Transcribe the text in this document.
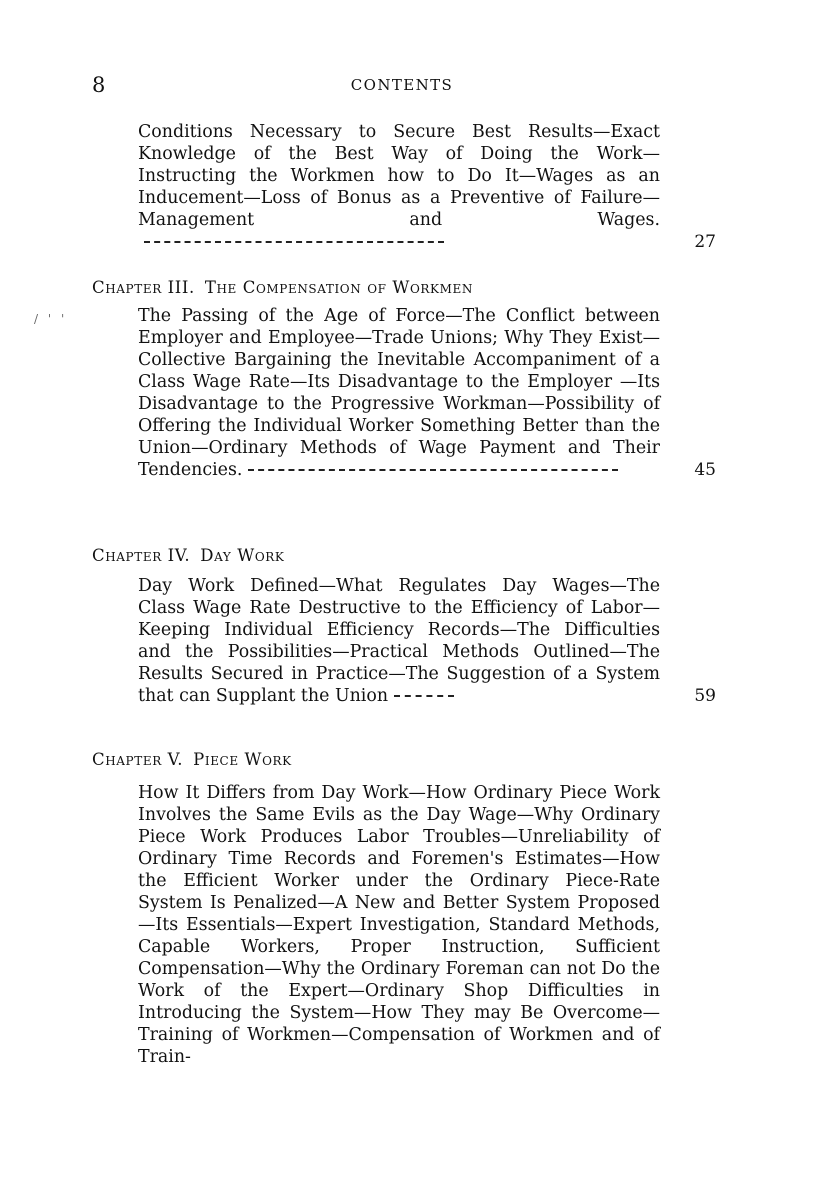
8	CONTENTS
/ ' '
Conditions Necessary to Secure Best Results—Exact Knowledge of the Best Way of Doing the Work—Instructing the Workmen how to Do It—Wages as an Inducement—Loss of Bonus as a Preventive of Failure—Management and Wages.
27
Chapter III. The Compensation of Workmen
The Passing of the Age of Force—The Conflict between Employer and Employee—Trade Unions; Why They Exist—Collective Bargaining the Inevitable Accompaniment of a Class Wage Rate—Its Disadvantage to the Employer —Its Disadvantage to the Progressive Workman—Possibility of Offering the Individual Worker Something Better than the Union—Ordinary Methods of Wage Payment and Their Tendencies.	45
Chapter IV. Day Work
Day Work Defined—What Regulates Day Wages—The Class Wage Rate Destructive to the Efficiency of Labor—Keeping Individual Efficiency Records—The Difficulties and the Possibilities—Practical Methods Outlined—The Results Secured in Practice—The Suggestion of a System that can Supplant the Union	59
Chapter V. Piece Work
How It Differs from Day Work—How Ordinary Piece Work Involves the Same Evils as the Day Wage—Why Ordinary Piece Work Produces Labor Troubles—Unreliability of Ordinary Time Records and Foremen's Estimates—How the Efficient Worker under the Ordinary Piece-Rate System Is Penalized—A New and Better System Proposed—Its Essentials—Expert Investigation, Standard Methods, Capable Workers, Proper Instruction, Sufficient Compensation—Why the Ordinary Foreman can not Do the Work of the Expert—Ordinary Shop Difficulties in Introducing the System—How They may Be Overcome—Training of Workmen—Compensation of Workmen and of Train-
